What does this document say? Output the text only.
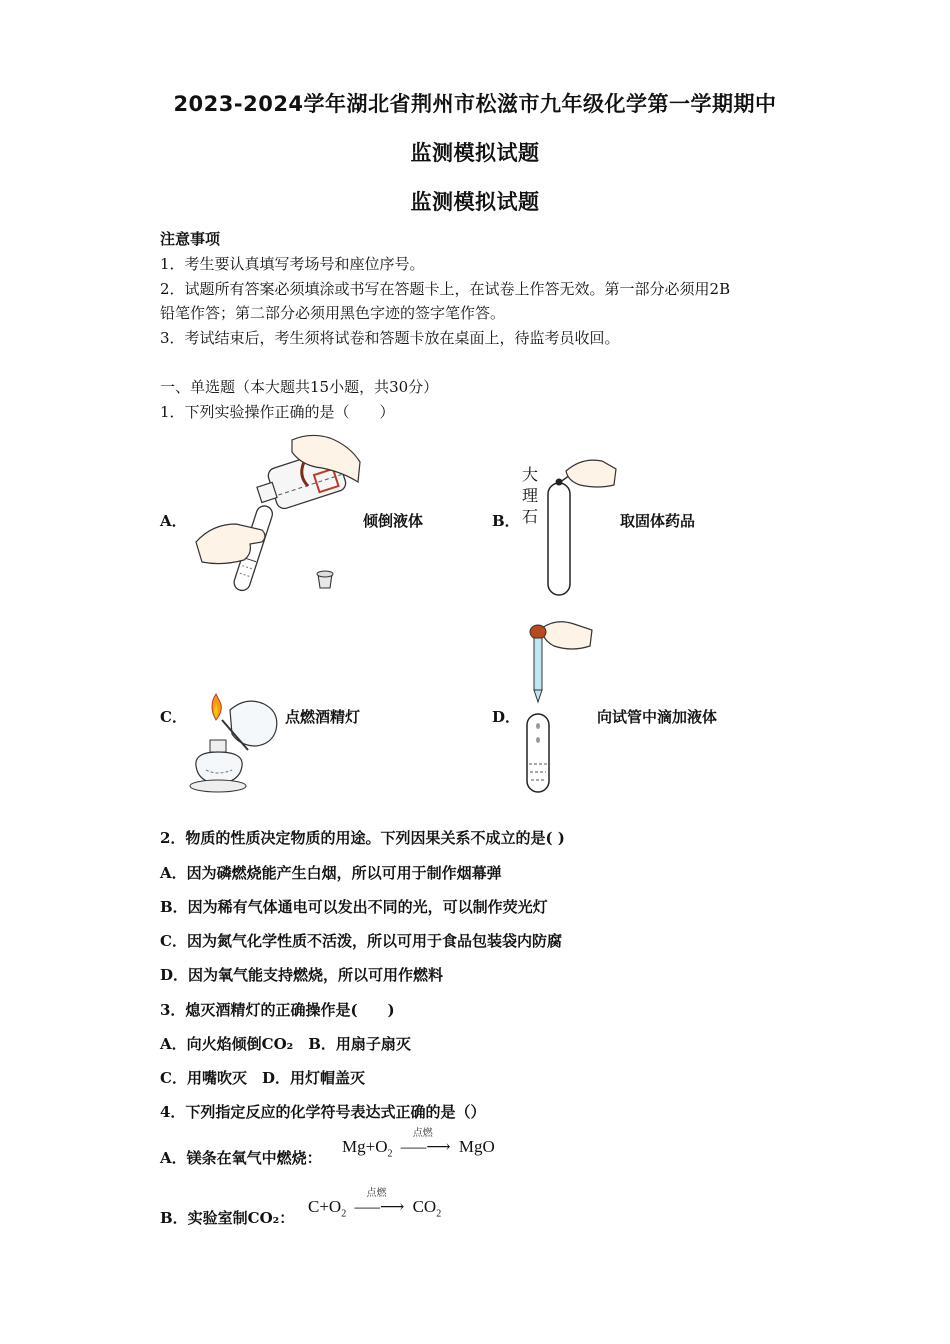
2023-2024学年湖北省荆州市松滋市九年级化学第一学期期中
监测模拟试题
监测模拟试题
注意事项
1．考生要认真填写考场号和座位序号。
2．试题所有答案必须填涂或书写在答题卡上，在试卷上作答无效。第一部分必须用2B
铅笔作答；第二部分必须用黑色字迹的签字笔作答。
3．考试结束后，考生须将试卷和答题卡放在桌面上，待监考员收回。
一、单选题（本大题共15小题，共30分）
1．下列实验操作正确的是（　　）
A．	倾倒液体	B．
大
理
石	取固体药品
C．	点燃酒精灯	D．	向试管中滴加液体
2．物质的性质决定物质的用途。下列因果关系不成立的是( )
A．因为磷燃烧能产生白烟，所以可用于制作烟幕弹
B．因为稀有气体通电可以发出不同的光，可以制作荧光灯
C．因为氮气化学性质不活泼，所以可用于食品包装袋内防腐
D．因为氧气能支持燃烧，所以可用作燃料
3．熄灭酒精灯的正确操作是(　　)
A．向火焰倾倒CO₂　B．用扇子扇灭
C．用嘴吹灭　D．用灯帽盖灭
4．下列指定反应的化学符号表达式正确的是（）
A．镁条在氧气中燃烧：
$Mg+O_2$
点燃
–––⟶ MgO
B．实验室制CO₂：
$C+O_2$
点燃
–––⟶ $CO_2$
